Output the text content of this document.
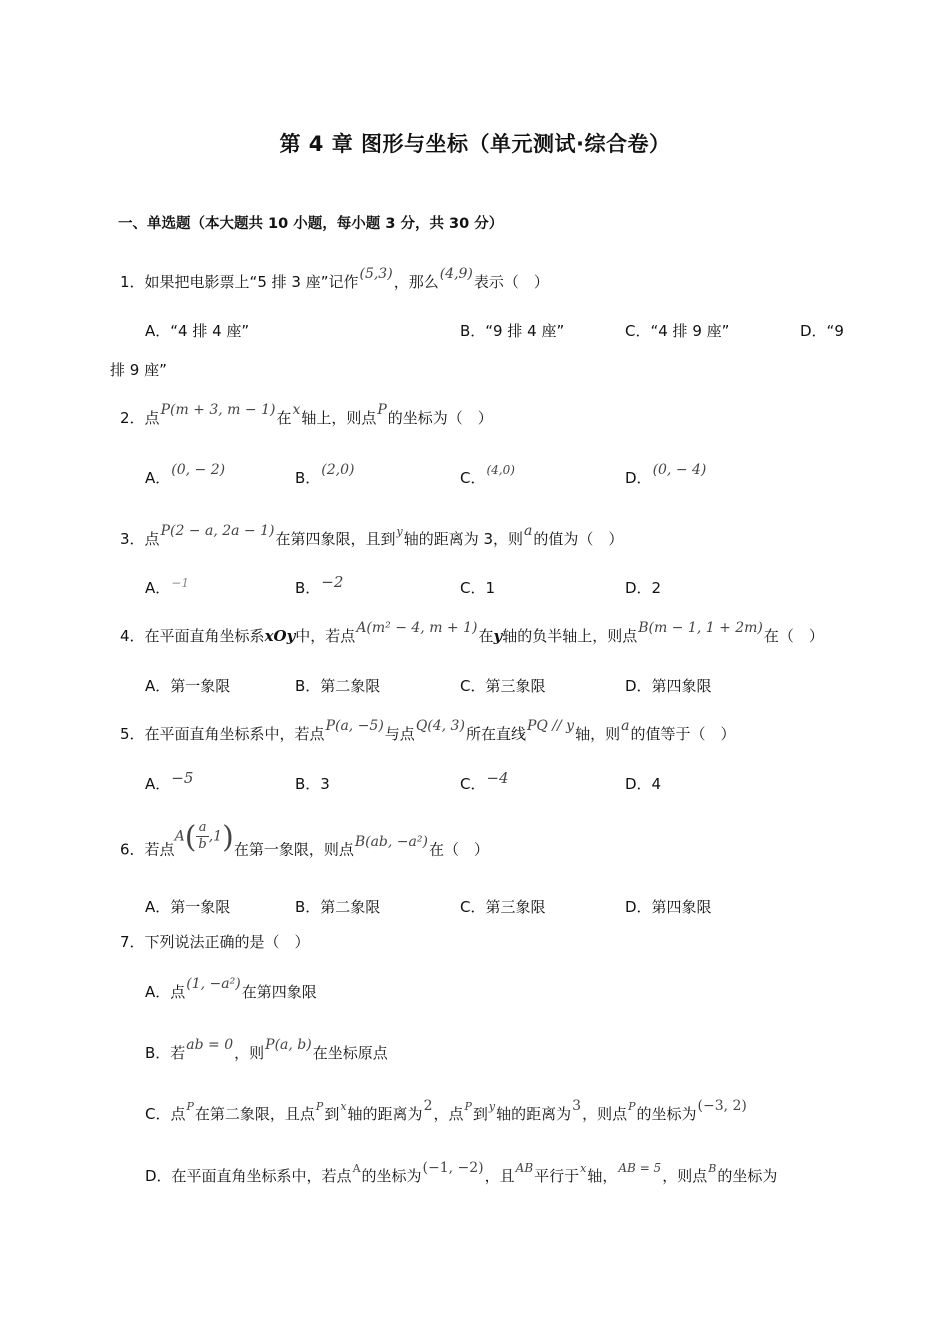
第 4 章 图形与坐标（单元测试·综合卷）
一、单选题（本大题共 10 小题，每小题 3 分，共 30 分）
1．如果把电影票上“5 排 3 座”记作(5,3)，那么(4,9)表示（　）
A．“4 排 4 座”	B．“9 排 4 座”	C．“4 排 9 座”	D．“9
排 9 座”
2．点P(m + 3, m − 1)在x轴上，则点P的坐标为（　）
A．(0, − 2)	B．(2,0)	C．$^{(4,0)}$	D．(0, − 4)
3．点P(2 − a, 2a − 1)在第四象限，且到$^y$轴的距离为 3，则a的值为（　）
A．$^{-1}$	B．−2	C．1	D．2
4．在平面直角坐标系xOy中，若点A(m² − 4, m + 1)在y轴的负半轴上，则点B(m − 1, 1 + 2m)在（　）
A．第一象限	B．第二象限	C．第三象限	D．第四象限
5．在平面直角坐标系中，若点P(a, −5)与点Q(4, 3)所在直线PQ // y轴，则a的值等于（　）
A．−5	B．3	C．−4	D．4
6．若点$A( \frac{a}{b} ,1)$在第一象限，则点B(ab, −a²)在（　）
A．第一象限	B．第二象限	C．第三象限	D．第四象限
7．下列说法正确的是（　）
A．点(1, −a²)在第四象限
B．若ab = 0，则P(a, b)在坐标原点
C．点$^P$在第二象限，且点$^P$到$^x$轴的距离为2，点$^P$到$^y$轴的距离为3，则点$^P$的坐标为(−3, 2)
D．在平面直角坐标系中，若点$^A$的坐标为(−1, −2)，且$^{AB}$平行于$^x$轴，$^{AB = 5}$，则点$^B$的坐标为
